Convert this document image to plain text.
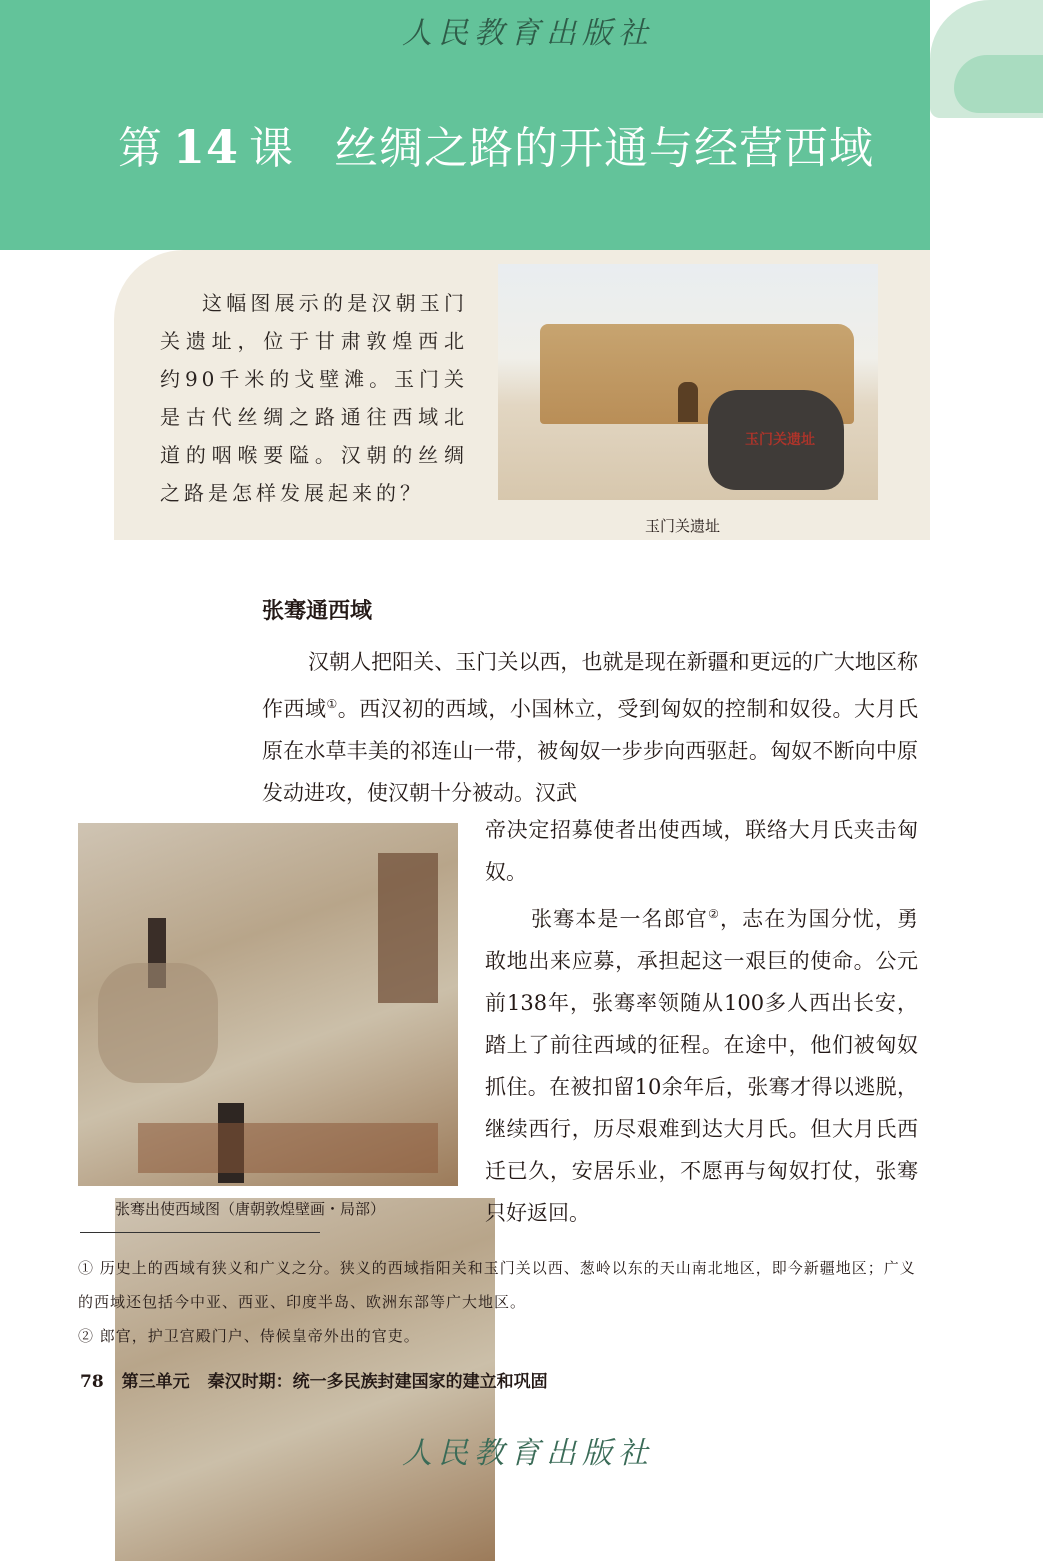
人民教育出版社
第 14 课 丝绸之路的开通与经营西域
这幅图展示的是汉朝玉门关遗址，位于甘肃敦煌西北约90千米的戈壁滩。玉门关是古代丝绸之路通往西域北道的咽喉要隘。汉朝的丝绸之路是怎样发展起来的？
玉门关遗址
玉门关遗址
张骞通西域
汉朝人把阳关、玉门关以西，也就是现在新疆和更远的广大地区称作西域①。西汉初的西域，小国林立，受到匈奴的控制和奴役。大月氏原在水草丰美的祁连山一带，被匈奴一步步向西驱赶。匈奴不断向中原发动进攻，使汉朝十分被动。汉武
张骞出使西域图（唐朝敦煌壁画・局部）
帝决定招募使者出使西域，联络大月氏夹击匈奴。
张骞本是一名郎官②，志在为国分忧，勇敢地出来应募，承担起这一艰巨的使命。公元前138年，张骞率领随从100多人西出长安，踏上了前往西域的征程。在途中，他们被匈奴抓住。在被扣留10余年后，张骞才得以逃脱，继续西行，历尽艰难到达大月氏。但大月氏西迁已久，安居乐业，不愿再与匈奴打仗，张骞只好返回。
① 历史上的西域有狭义和广义之分。狭义的西域指阳关和玉门关以西、葱岭以东的天山南北地区，即今新疆地区；广义的西域还包括今中亚、西亚、印度半岛、欧洲东部等广大地区。
② 郎官，护卫宫殿门户、侍候皇帝外出的官吏。
78 第三单元 秦汉时期：统一多民族封建国家的建立和巩固
人民教育出版社
